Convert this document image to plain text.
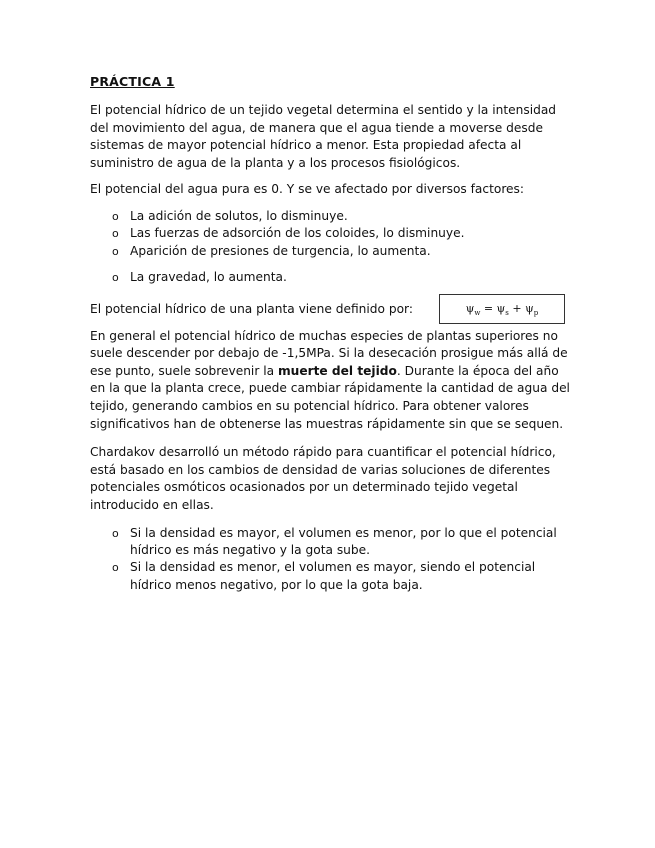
PRÁCTICA 1

El potencial hídrico de un tejido vegetal determina el sentido y la intensidad del movimiento del agua, de manera que el agua tiende a moverse desde sistemas de mayor potencial hídrico a menor. Esta propiedad afecta al suministro de agua de la planta y a los procesos fisiológicos.

El potencial del agua pura es 0. Y se ve afectado por diversos factores:

o La adición de solutos, lo disminuye.
o Las fuerzas de adsorción de los coloides, lo disminuye.
o Aparición de presiones de turgencia, lo aumenta.
o La gravedad, lo aumenta.
El potencial hídrico de una planta viene definido por:	$\psi_w = \psi_s + \psi_p$

En general el potencial hídrico de muchas especies de plantas superiores no suele descender por debajo de -1,5MPa. Si la desecación prosigue más allá de ese punto, suele sobrevenir la muerte del tejido. Durante la época del año en la que la planta crece, puede cambiar rápidamente la cantidad de agua del tejido, generando cambios en su potencial hídrico. Para obtener valores significativos han de obtenerse las muestras rápidamente sin que se sequen.

Chardakov desarrolló un método rápido para cuantificar el potencial hídrico, está basado en los cambios de densidad de varias soluciones de diferentes potenciales osmóticos ocasionados por un determinado tejido vegetal introducido en ellas.

o Si la densidad es mayor, el volumen es menor, por lo que el potencial hídrico es más negativo y la gota sube.
o Si la densidad es menor, el volumen es mayor, siendo el potencial hídrico menos negativo, por lo que la gota baja.
